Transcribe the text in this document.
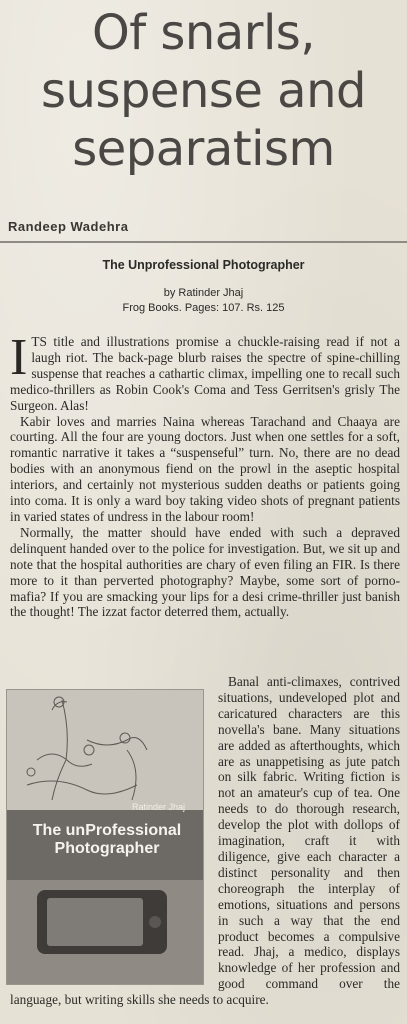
Of snarls,
suspense and
separatism
Randeep Wadehra
The Unprofessional Photographer
by Ratinder Jhaj
Frog Books. Pages: 107. Rs. 125

ITS title and illustrations promise a chuckle-raising read if not a laugh riot. The back-page blurb raises the spectre of spine-chilling suspense that reaches a cathartic climax, impelling one to recall such medico-thrillers as Robin Cook's Coma and Tess Gerritsen's grisly The Surgeon. Alas!

Kabir loves and marries Naina whereas Tarachand and Chaaya are courting. All the four are young doctors. Just when one settles for a soft, romantic narrative it takes a “suspenseful” turn. No, there are no dead bodies with an anonymous fiend on the prowl in the aseptic hospital interiors, and certainly not mysterious sudden deaths or patients going into coma. It is only a ward boy taking video shots of pregnant patients in varied states of undress in the labour room!

Normally, the matter should have ended with such a depraved delinquent handed over to the police for investigation. But, we sit up and note that the hospital authorities are chary of even filing an FIR. Is there more to it than perverted photography? Maybe, some sort of porno-mafia? If you are smacking your lips for a desi crime-thriller just banish the thought! The izzat factor deterred them, actually.

Ratinder Jhaj
The unProfessional
Photographer

Banal anti-climaxes, contrived situations, undeveloped plot and caricatured characters are this novella's bane. Many situations are added as afterthoughts, which are as unappetising as jute patch on silk fabric. Writing fiction is not an amateur's cup of tea. One needs to do thorough research, develop the plot with dollops of imagination, craft it with diligence, give each character a distinct personality and then choreograph the interplay of emotions, situations and persons in such a way that the end product becomes a compulsive read. Jhaj, a medico, displays knowledge of her profession and good command over the language, but writing skills she needs to acquire.
